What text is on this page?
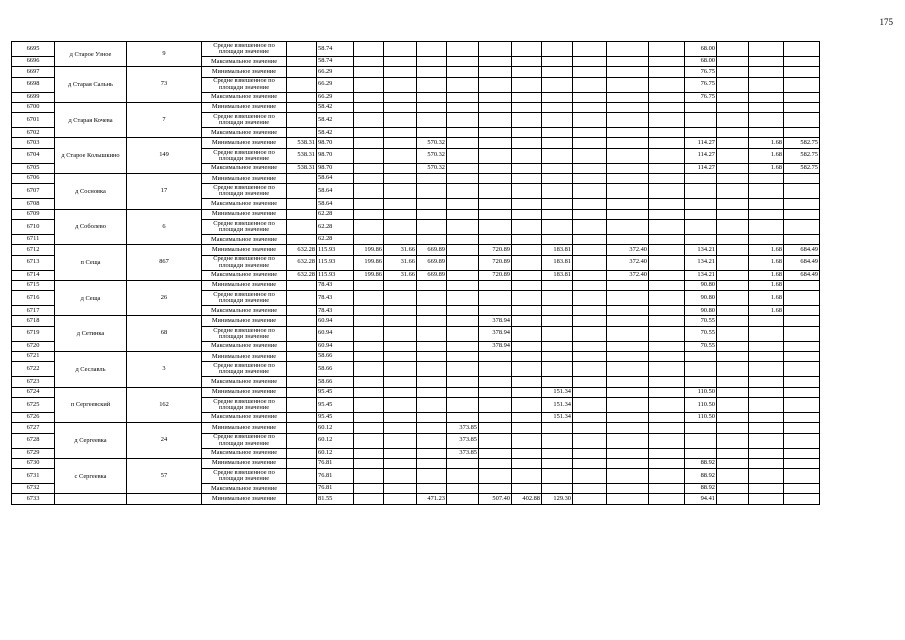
175
6695	д Старое Узное	9	Средне взвешенное по площади значение		58.74											68.00			
6696			Максимальное значение		58.74											68.00			
6697	д Старая Сальнь	73	Минимальное значение		66.29											76.75			
6698			Средне взвешенное по площади значение		66.29											76.75			
6699			Максимальное значение		66.29											76.75			
6700	д Старая Кочева	7	Минимальное значение		58.42														
6701			Средне взвешенное по площади значение		58.42														
6702			Максимальное значение		58.42														
6703	д Старое Колышкино	149	Минимальное значение	538.31	98.70			570.32								114.27		1.68	582.75
6704			Средне взвешенное по площади значение	538.31	98.70			570.32								114.27		1.68	582.75
6705			Максимальное значение	538.31	98.70			570.32								114.27		1.68	582.75
6706	д Сосновка	17	Минимальное значение		58.64														
6707			Средне взвешенное по площади значение		58.64														
6708			Максимальное значение		58.64														
6709	д Соболево	6	Минимальное значение		62.28														
6710			Средне взвешенное по площади значение		62.28														
6711			Максимальное значение		62.28														
6712	п Сеща	867	Минимальное значение	632.28	115.93	199.86	31.66	669.89		720.89		183.81		372.40		134.21		1.68	684.49
6713			Средне взвешенное по площади значение	632.28	115.93	199.86	31.66	669.89		720.89		183.81		372.40		134.21		1.68	684.49
6714			Максимальное значение	632.28	115.93	199.86	31.66	669.89		720.89		183.81		372.40		134.21		1.68	684.49
6715	д Сеща	26	Минимальное значение		78.43											90.80		1.68	
6716			Средне взвешенное по площади значение		78.43											90.80		1.68	
6717			Максимальное значение		78.43											90.80		1.68	
6718	д Сетинка	68	Минимальное значение		60.94					378.94						70.55			
6719			Средне взвешенное по площади значение		60.94					378.94						70.55			
6720			Максимальное значение		60.94					378.94						70.55			
6721	д Сеславль	3	Минимальное значение		58.66														
6722			Средне взвешенное по площади значение		58.66														
6723			Максимальное значение		58.66														
6724	п Сергеевский	162	Минимальное значение		95.45							151.34				110.50			
6725			Средне взвешенное по площади значение		95.45							151.34				110.50			
6726			Максимальное значение		95.45							151.34				110.50			
6727	д Сергеевка	24	Минимальное значение		60.12				373.85										
6728			Средне взвешенное по площади значение		60.12				373.85										
6729			Максимальное значение		60.12				373.85										
6730	с Сергеевка	57	Минимальное значение		76.81											88.92			
6731			Средне взвешенное по площади значение		76.81											88.92			
6732			Максимальное значение		76.81											88.92			
6733			Минимальное значение		81.55			471.23		507.40	402.88	129.30				94.41			
